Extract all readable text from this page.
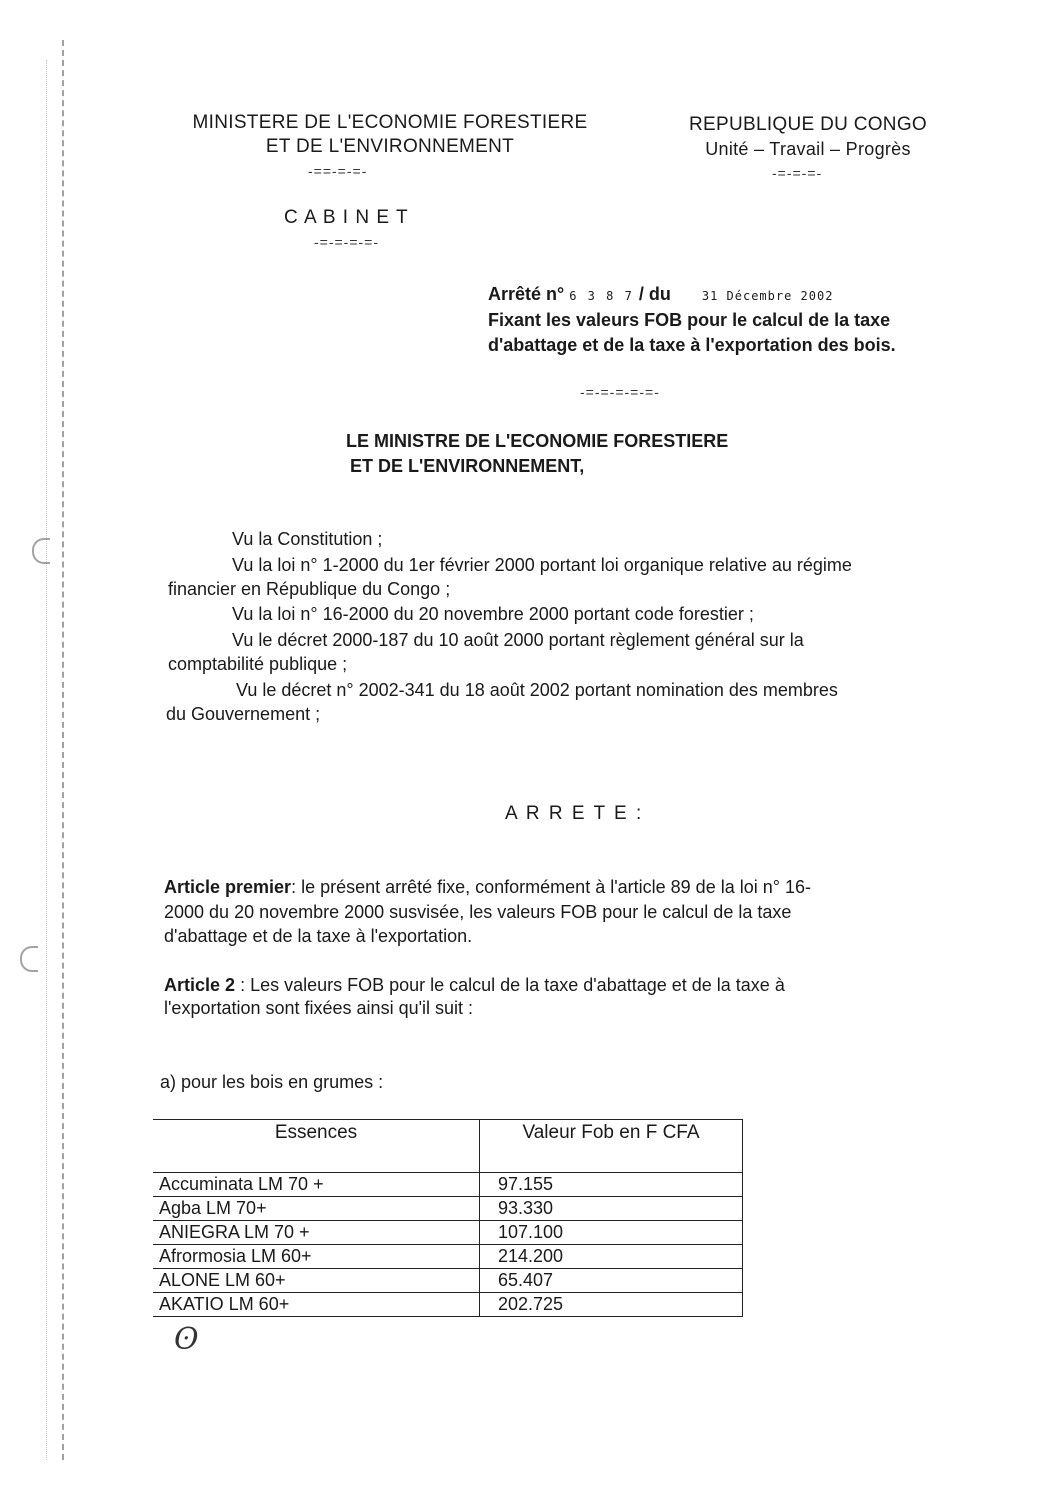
MINISTERE DE L'ECONOMIE FORESTIERE
ET DE L'ENVIRONNEMENT
-==-=-=-
REPUBLIQUE DU CONGO
Unité – Travail – Progrès
-=-=-=-
C A B I N E T
-=-=-=-=-
Arrêté n° 6 3 8 7 / du	31 Décembre 2002
Fixant les valeurs FOB pour le calcul de la taxe
d'abattage et de la taxe à l'exportation des bois.
-=-=-=-=-=-
LE MINISTRE DE L'ECONOMIE FORESTIERE
ET DE L'ENVIRONNEMENT,
Vu la Constitution ;
Vu la loi n° 1-2000 du 1er février 2000 portant loi organique relative au régime
financier en République du Congo ;
Vu la loi n° 16-2000 du 20 novembre 2000 portant code forestier ;
Vu le décret 2000-187 du 10 août 2000 portant règlement général sur la
comptabilité publique ;
Vu le décret n° 2002-341 du 18 août 2002 portant nomination des membres
du Gouvernement ;
A R R E T E :
Article premier: le présent arrêté fixe, conformément à l'article 89 de la loi n° 16-
2000 du 20 novembre 2000 susvisée, les valeurs FOB pour le calcul de la taxe
d'abattage et de la taxe à l'exportation.
Article 2 : Les valeurs FOB pour le calcul de la taxe d'abattage et de la taxe à
l'exportation sont fixées ainsi qu'il suit :
a) pour les bois en grumes :
Essences	Valeur Fob en F CFA
Accuminata LM 70 +	97.155
Agba LM 70+	93.330
ANIEGRA LM 70 +	107.100
Afrormosia LM 60+	214.200
ALONE LM 60+	65.407
AKATIO LM 60+	202.725
ʘ
